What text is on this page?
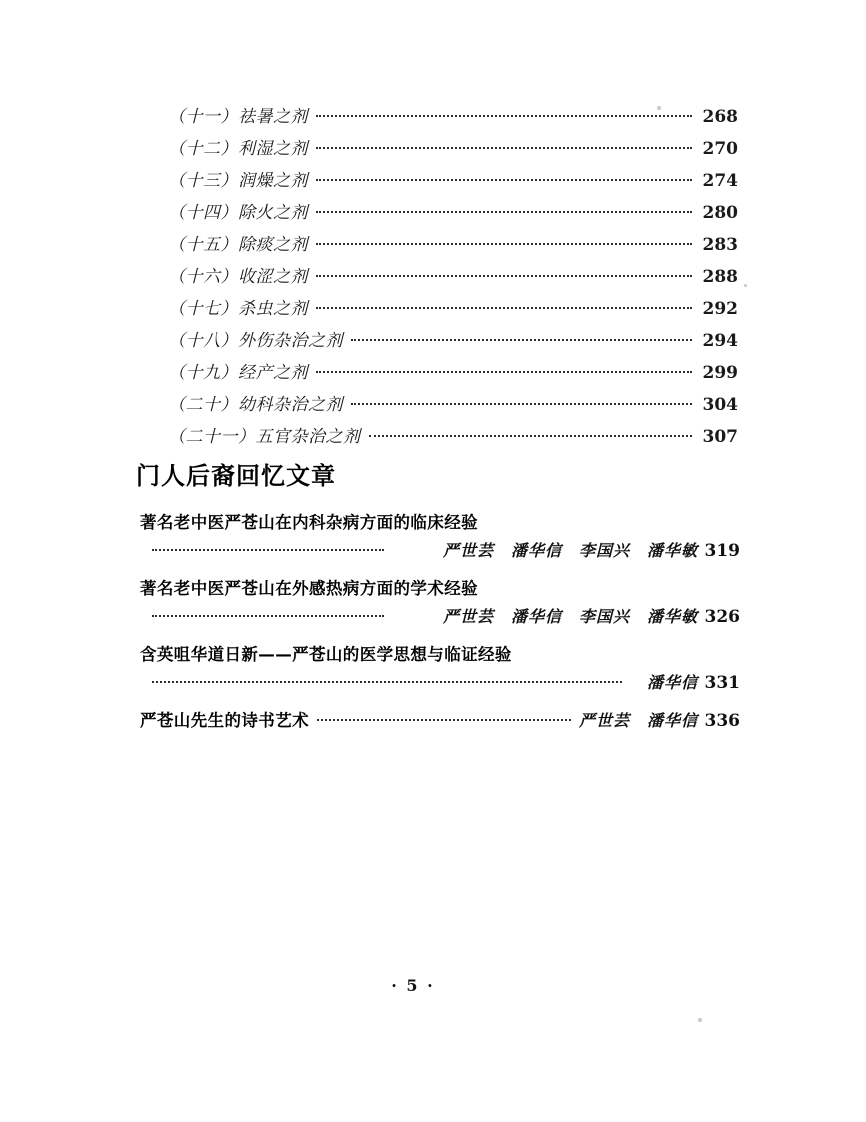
（十一）祛暑之剂	268
（十二）利湿之剂	270
（十三）润燥之剂	274
（十四）除火之剂	280
（十五）除痰之剂	283
（十六）收涩之剂	288
（十七）杀虫之剂	292
（十八）外伤杂治之剂	294
（十九）经产之剂	299
（二十）幼科杂治之剂	304
（二十一）五官杂治之剂	307
门人后裔回忆文章
著名老中医严苍山在内科杂病方面的临床经验
严世芸　潘华信　李国兴　潘华敏 319
著名老中医严苍山在外感热病方面的学术经验
严世芸　潘华信　李国兴　潘华敏 326
含英咀华道日新——严苍山的医学思想与临证经验
潘华信 331
严苍山先生的诗书艺术	严世芸　潘华信 336
· 5 ·
